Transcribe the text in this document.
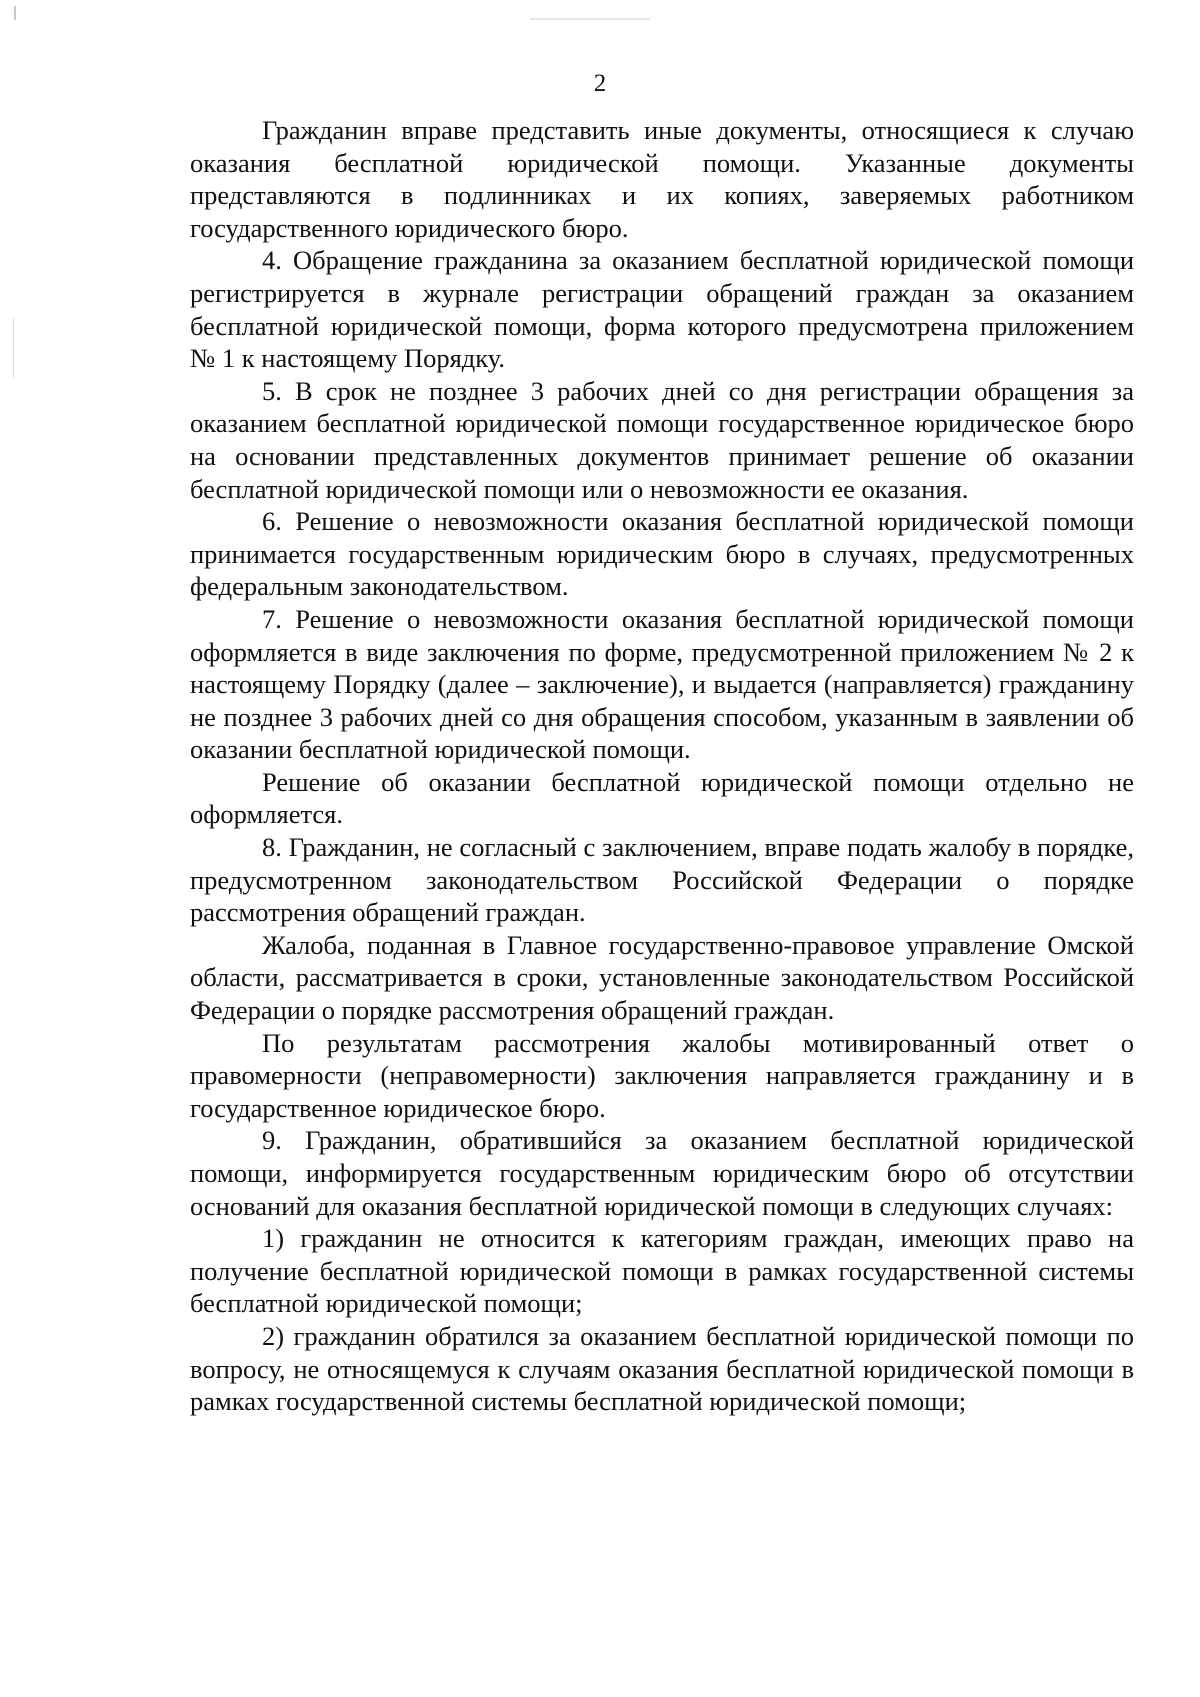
2

Гражданин вправе представить иные документы, относящиеся к случаю оказания бесплатной юридической помощи. Указанные документы представляются в подлинниках и их копиях, заверяемых работником государственного юридического бюро.

4. Обращение гражданина за оказанием бесплатной юридической помощи регистрируется в журнале регистрации обращений граждан за оказанием бесплатной юридической помощи, форма которого предусмотрена приложением № 1 к настоящему Порядку.

5. В срок не позднее 3 рабочих дней со дня регистрации обращения за оказанием бесплатной юридической помощи государственное юридическое бюро на основании представленных документов принимает решение об оказании бесплатной юридической помощи или о невозможности ее оказания.

6. Решение о невозможности оказания бесплатной юридической помощи принимается государственным юридическим бюро в случаях, предусмотренных федеральным законодательством.

7. Решение о невозможности оказания бесплатной юридической помощи оформляется в виде заключения по форме, предусмотренной приложением № 2 к настоящему Порядку (далее – заключение), и выдается (направляется) гражданину не позднее 3 рабочих дней со дня обращения способом, указанным в заявлении об оказании бесплатной юридической помощи.

Решение об оказании бесплатной юридической помощи отдельно не оформляется.

8. Гражданин, не согласный с заключением, вправе подать жалобу в порядке, предусмотренном законодательством Российской Федерации о порядке рассмотрения обращений граждан.

Жалоба, поданная в Главное государственно-правовое управление Омской области, рассматривается в сроки, установленные законодательством Российской Федерации о порядке рассмотрения обращений граждан.

По результатам рассмотрения жалобы мотивированный ответ о правомерности (неправомерности) заключения направляется гражданину и в государственное юридическое бюро.

9. Гражданин, обратившийся за оказанием бесплатной юридической помощи, информируется государственным юридическим бюро об отсутствии оснований для оказания бесплатной юридической помощи в следующих случаях:

1) гражданин не относится к категориям граждан, имеющих право на получение бесплатной юридической помощи в рамках государственной системы бесплатной юридической помощи;

2) гражданин обратился за оказанием бесплатной юридической помощи по вопросу, не относящемуся к случаям оказания бесплатной юридической помощи в рамках государственной системы бесплатной юридической помощи;
